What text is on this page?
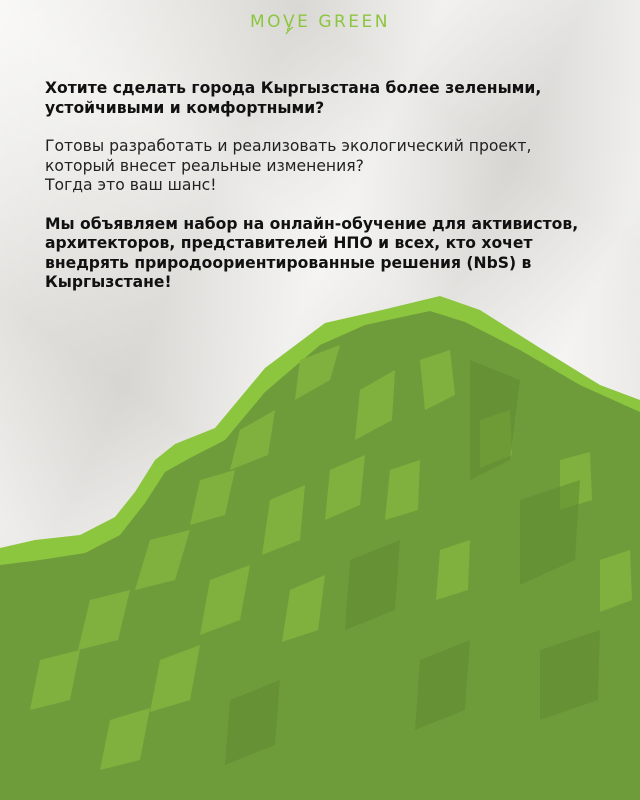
MOV
E GREEN

Хотите сделать города Кыргызстана более зелеными, устойчивыми и комфортными?

Готовы разработать и реализовать экологический проект, который внесет реальные изменения?

Тогда это ваш шанс!

Мы объявляем набор на онлайн-обучение для активистов, архитекторов, представителей НПО и всех, кто хочет внедрять природоориентированные решения (NbS) в Кыргызстане!
